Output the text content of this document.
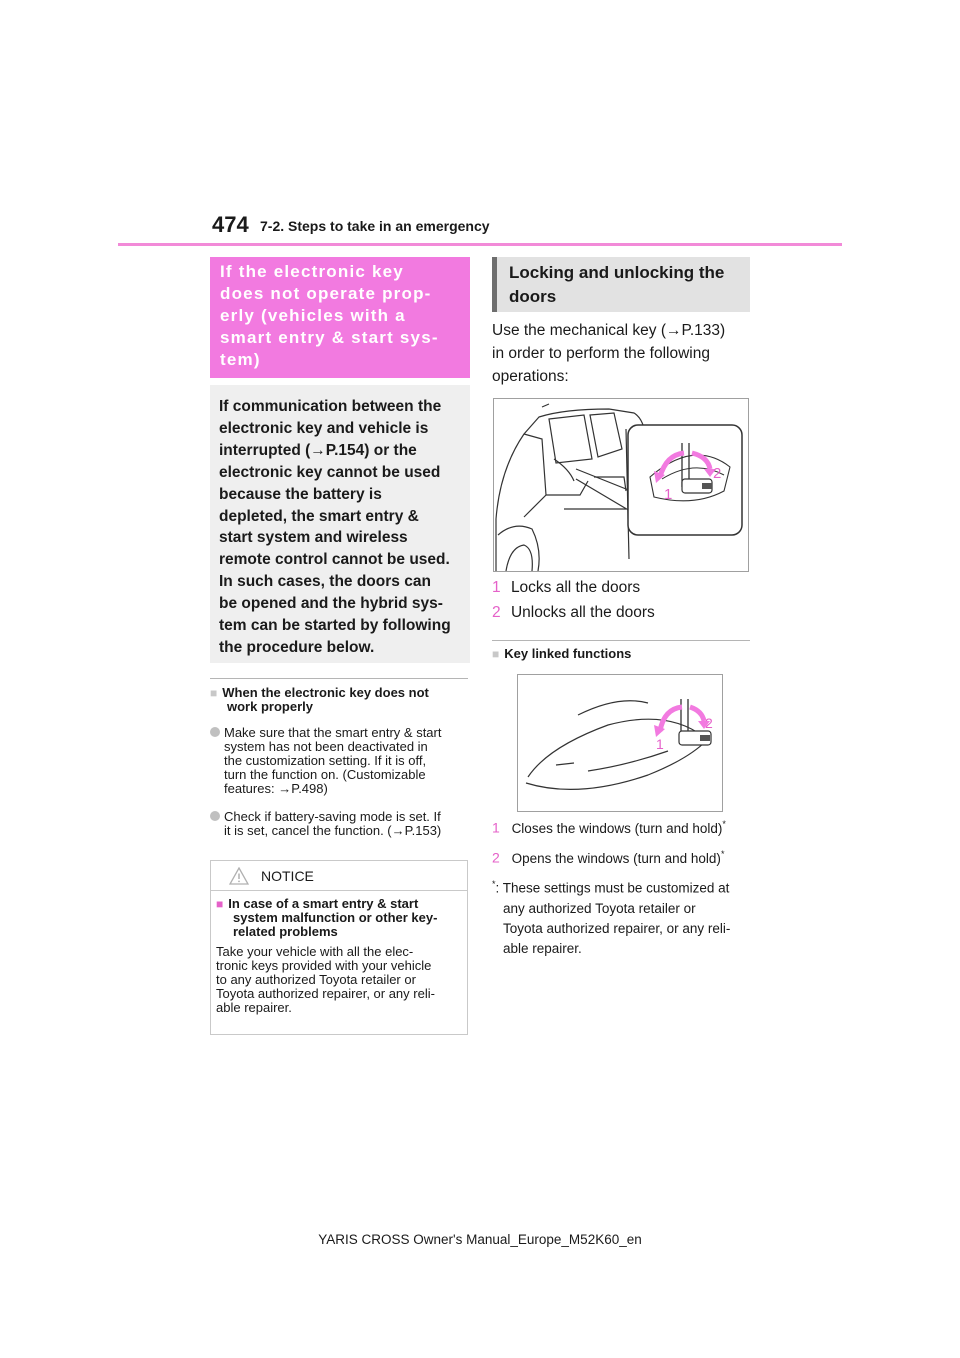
474 7-2. Steps to take in an emergency
If the electronic key
does not operate prop-
erly (vehicles with a
smart entry & start sys-
tem)
If communication between the
electronic key and vehicle is
interrupted (→P.154) or the
electronic key cannot be used
because the battery is
depleted, the smart entry &
start system and wireless
remote control cannot be used.
In such cases, the doors can
be opened and the hybrid sys-
tem can be started by following
the procedure below.
■ When the electronic key does not
work properly
Make sure that the smart entry & start
system has not been deactivated in
the customization setting. If it is off,
turn the function on. (Customizable
features: →P.498)
Check if battery-saving mode is set. If
it is set, cancel the function. (→P.153)
NOTICE
■ In case of a smart entry & start
system malfunction or other key-
related problems
Take your vehicle with all the elec-
tronic keys provided with your vehicle
to any authorized Toyota retailer or
Toyota authorized repairer, or any reli-
able repairer.
Locking and unlocking the
doors
Use the mechanical key (→P.133)
in order to perform the following
operations:
1
2
1 Locks all the doors
2 Unlocks all the doors
■ Key linked functions
1
2
1 Closes the windows (turn and hold)*
2 Opens the windows (turn and hold)*
*: These settings must be customized at
any authorized Toyota retailer or
Toyota authorized repairer, or any reli-
able repairer.
YARIS CROSS Owner's Manual_Europe_M52K60_en
